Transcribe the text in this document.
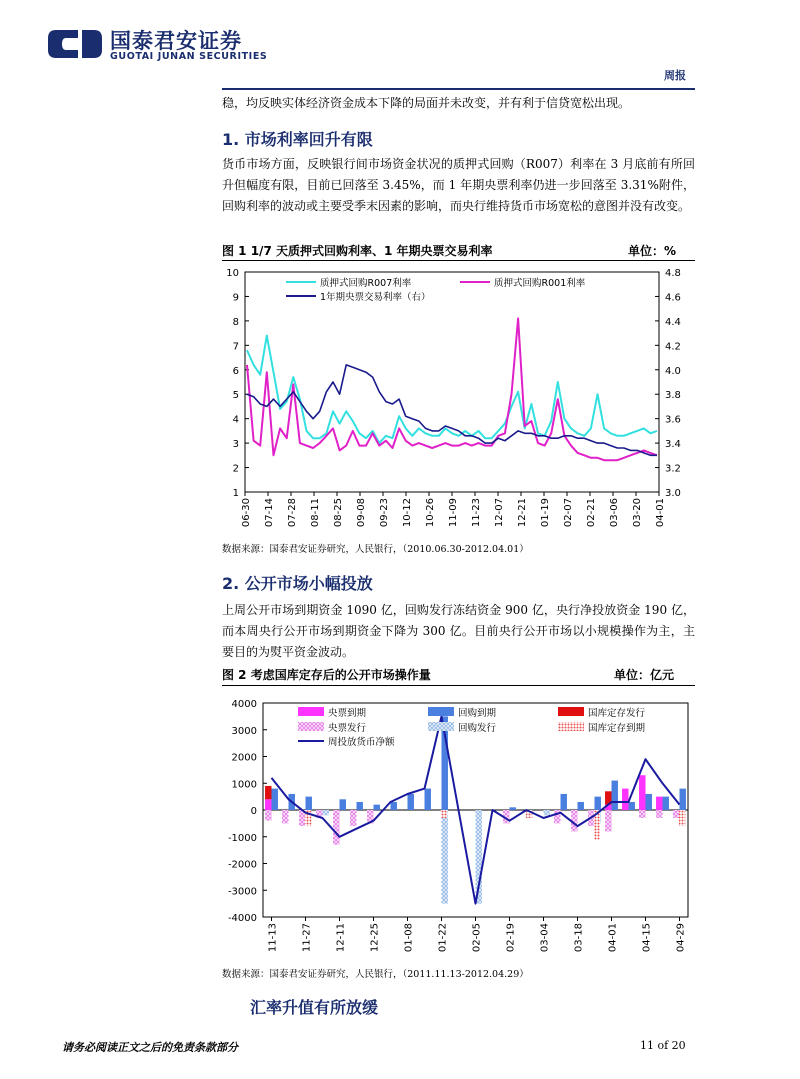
国泰君安证券
GUOTAI JUNAN SECURITIES
周报
稳，均反映实体经济资金成本下降的局面并未改变，并有利于信贷宽松出现。
1. 市场利率回升有限
货币市场方面，反映银行间市场资金状况的质押式回购（R007）利率在 3 月底前有所回升但幅度有限，目前已回落至 3.45%，而 1 年期央票利率仍进一步回落至 3.31%附件，回购利率的波动或主要受季末因素的影响，而央行维持货币市场宽松的意图并没有改变。
图 1 1/7 天质押式回购利率、1 年期央票交易利率	单位：%
10
9
8
7
6
5
4
3
2
1
4.8
4.6
4.4
4.2
4.0
3.8
3.6
3.4
3.2
3.0
06-30 07-14 07-28 08-11 08-25 09-08 09-23 10-12 10-26 11-09 11-23 12-07 12-21 01-19 02-07 02-21 03-06 03-20 04-01
质押式回购R007利率	质押式回购R001利率
1年期央票交易利率（右）
数据来源：国泰君安证券研究，人民银行，（2010.06.30-2012.04.01）
2. 公开市场小幅投放
上周公开市场到期资金 1090 亿，回购发行冻结资金 900 亿，央行净投放资金 190 亿，而本周央行公开市场到期资金下降为 300 亿。目前央行公开市场以小规模操作为主，主要目的为熨平资金波动。
图 2 考虑国库定存后的公开市场操作量	单位：亿元
4000
3000
2000
1000
0
-1000
-2000
-3000
-4000
11-13 11-27 12-11 12-25 01-08 01-22 02-05 02-19 03-04 03-18 04-01 04-15 04-29
央票到期	回购到期	国库定存发行
央票发行	回购发行	国库定存到期
周投放货币净额
数据来源：国泰君安证券研究，人民银行，（2011.11.13-2012.04.29）
汇率升值有所放缓
请务必阅读正文之后的免责条款部分	11 of 20
